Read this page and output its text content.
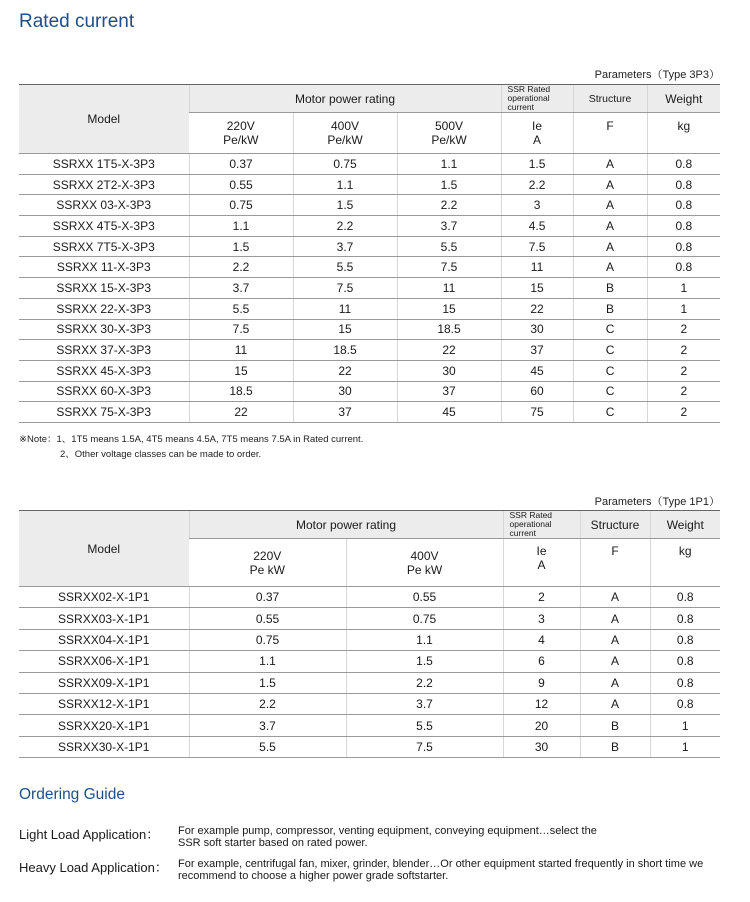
Rated current
Parameters（Type 3P3）
Model	Motor power rating			SSR Rated operational current	Structure	Weight
	220V Pe/kW	400V Pe/kW	500V Pe/kW	Ie A	F	kg
SSRXX 1T5-X-3P3	0.37	0.75	1.1	1.5	A	0.8
SSRXX 2T2-X-3P3	0.55	1.1	1.5	2.2	A	0.8
SSRXX 03-X-3P3	0.75	1.5	2.2	3	A	0.8
SSRXX 4T5-X-3P3	1.1	2.2	3.7	4.5	A	0.8
SSRXX 7T5-X-3P3	1.5	3.7	5.5	7.5	A	0.8
SSRXX 11-X-3P3	2.2	5.5	7.5	11	A	0.8
SSRXX 15-X-3P3	3.7	7.5	11	15	B	1
SSRXX 22-X-3P3	5.5	11	15	22	B	1
SSRXX 30-X-3P3	7.5	15	18.5	30	C	2
SSRXX 37-X-3P3	11	18.5	22	37	C	2
SSRXX 45-X-3P3	15	22	30	45	C	2
SSRXX 60-X-3P3	18.5	30	37	60	C	2
SSRXX 75-X-3P3	22	37	45	75	C	2
※Note：1、1T5 means 1.5A, 4T5 means 4.5A, 7T5 means 7.5A in Rated current.
2、Other voltage classes can be made to order.
Parameters（Type 1P1）
Model	Motor power rating		SSR Rated operational current	Structure	Weight
	220V Pe kW	400V Pe kW	Ie A	F	kg
SSRXX02-X-1P1	0.37	0.55	2	A	0.8
SSRXX03-X-1P1	0.55	0.75	3	A	0.8
SSRXX04-X-1P1	0.75	1.1	4	A	0.8
SSRXX06-X-1P1	1.1	1.5	6	A	0.8
SSRXX09-X-1P1	1.5	2.2	9	A	0.8
SSRXX12-X-1P1	2.2	3.7	12	A	0.8
SSRXX20-X-1P1	3.7	5.5	20	B	1
SSRXX30-X-1P1	5.5	7.5	30	B	1
Ordering Guide
Light Load Application： For example pump, compressor, venting equipment, conveying equipment…select the SSR soft starter based on rated power.
Heavy Load Application： For example, centrifugal fan, mixer, grinder, blender…Or other equipment started frequently in short time we recommend to choose a higher power grade softstarter.
